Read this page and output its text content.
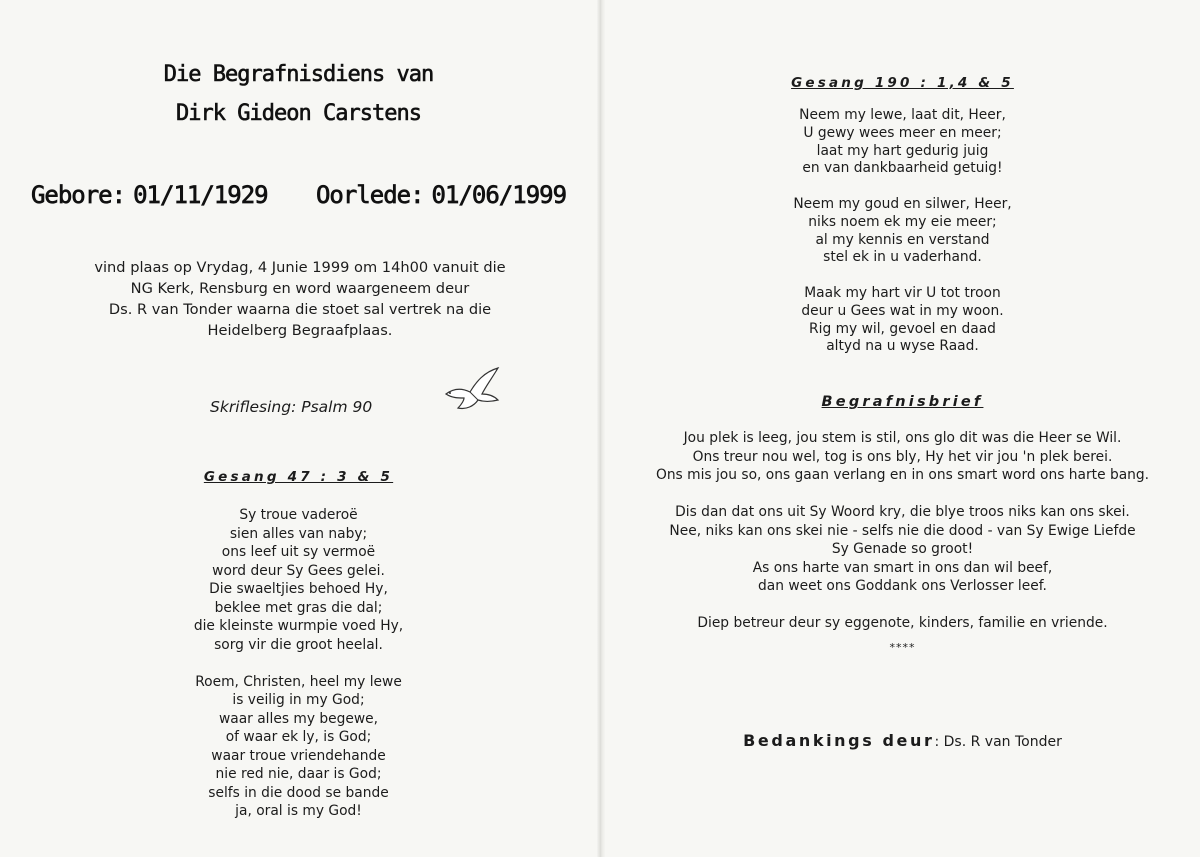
Die Begrafnisdiens van
Dirk Gideon Carstens
Gebore: 01/11/1929 Oorlede: 01/06/1999
vind plaas op Vrydag, 4 Junie 1999 om 14h00 vanuit die
NG Kerk, Rensburg en word waargeneem deur
Ds. R van Tonder waarna die stoet sal vertrek na die
Heidelberg Begraafplaas.
Skriflesing: Psalm 90
Gesang 47 : 3 & 5
Sy troue vaderoë
sien alles van naby;
ons leef uit sy vermoë
word deur Sy Gees gelei.
Die swaeltjies behoed Hy,
beklee met gras die dal;
die kleinste wurmpie voed Hy,
sorg vir die groot heelal.
Roem, Christen, heel my lewe
is veilig in my God;
waar alles my begewe,
of waar ek ly, is God;
waar troue vriendehande
nie red nie, daar is God;
selfs in die dood se bande
ja, oral is my God!
Gesang 190 : 1,4 & 5
Neem my lewe, laat dit, Heer,
U gewy wees meer en meer;
laat my hart gedurig juig
en van dankbaarheid getuig!
Neem my goud en silwer, Heer,
niks noem ek my eie meer;
al my kennis en verstand
stel ek in u vaderhand.
Maak my hart vir U tot troon
deur u Gees wat in my woon.
Rig my wil, gevoel en daad
altyd na u wyse Raad.
Begrafnisbrief
Jou plek is leeg, jou stem is stil, ons glo dit was die Heer se Wil.
Ons treur nou wel, tog is ons bly, Hy het vir jou 'n plek berei.
Ons mis jou so, ons gaan verlang en in ons smart word ons harte bang.
Dis dan dat ons uit Sy Woord kry, die blye troos niks kan ons skei.
Nee, niks kan ons skei nie - selfs nie die dood - van Sy Ewige Liefde
Sy Genade so groot!
As ons harte van smart in ons dan wil beef,
dan weet ons Goddank ons Verlosser leef.
Diep betreur deur sy eggenote, kinders, familie en vriende.
****
Bedankings deur: Ds. R van Tonder
